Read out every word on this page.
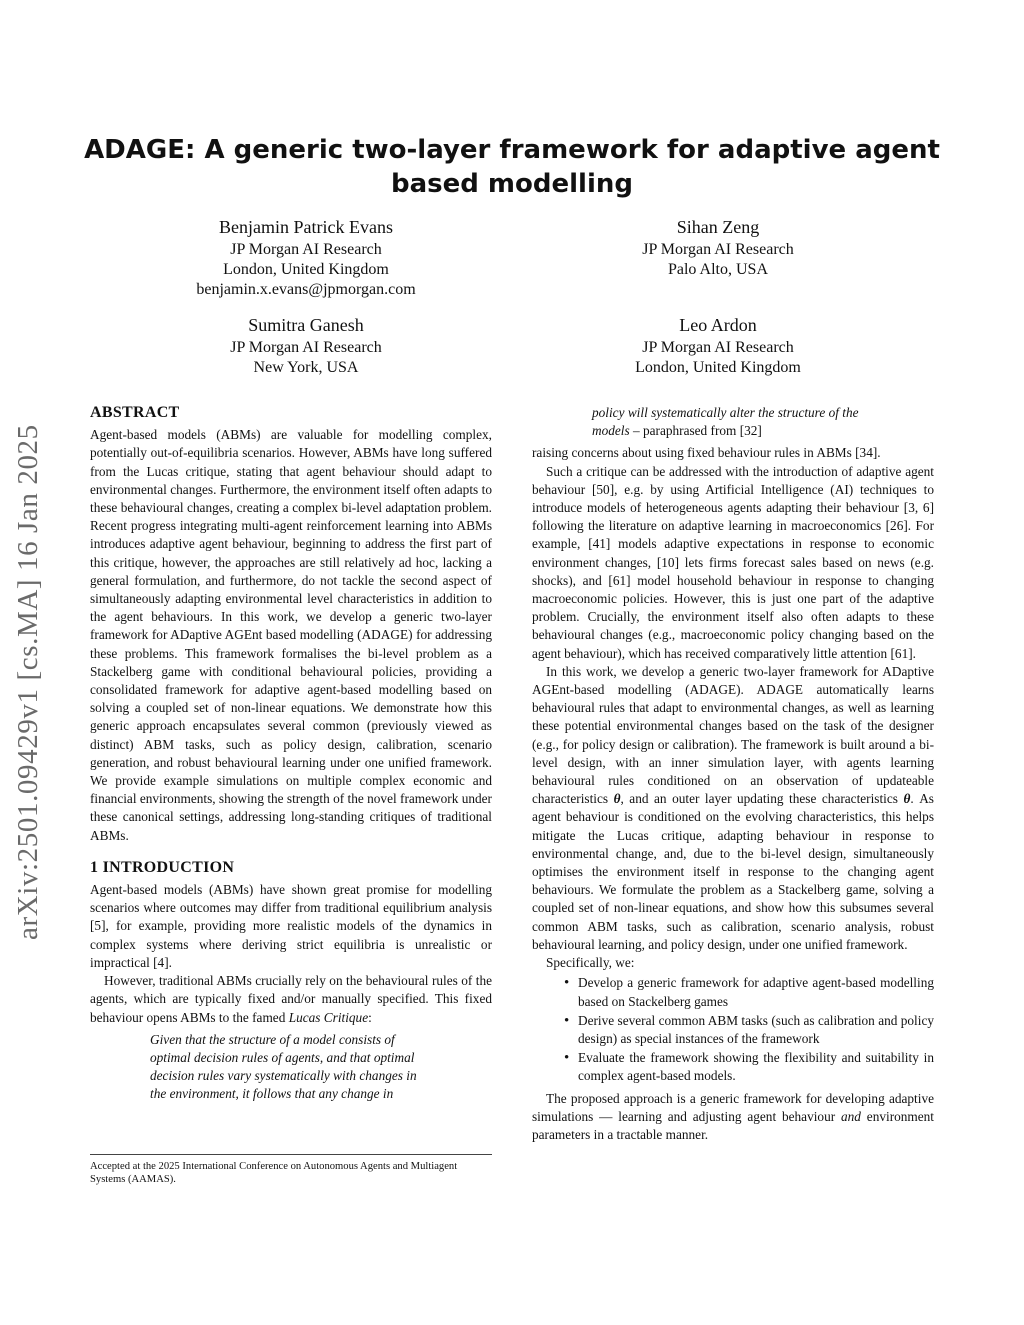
arXiv:2501.09429v1 [cs.MA] 16 Jan 2025
ADAGE: A generic two-layer framework for adaptive agent based modelling
Benjamin Patrick Evans
JP Morgan AI Research
London, United Kingdom
benjamin.x.evans@jpmorgan.com
Sihan Zeng
JP Morgan AI Research
Palo Alto, USA
Sumitra Ganesh
JP Morgan AI Research
New York, USA
Leo Ardon
JP Morgan AI Research
London, United Kingdom
ABSTRACT

Agent-based models (ABMs) are valuable for modelling complex, potentially out-of-equilibria scenarios. However, ABMs have long suffered from the Lucas critique, stating that agent behaviour should adapt to environmental changes. Furthermore, the environment itself often adapts to these behavioural changes, creating a complex bi-level adaptation problem. Recent progress integrating multi-agent reinforcement learning into ABMs introduces adaptive agent behaviour, beginning to address the first part of this critique, however, the approaches are still relatively ad hoc, lacking a general formulation, and furthermore, do not tackle the second aspect of simultaneously adapting environmental level characteristics in addition to the agent behaviours. In this work, we develop a generic two-layer framework for ADaptive AGEnt based modelling (ADAGE) for addressing these problems. This framework formalises the bi-level problem as a Stackelberg game with conditional behavioural policies, providing a consolidated framework for adaptive agent-based modelling based on solving a coupled set of non-linear equations. We demonstrate how this generic approach encapsulates several common (previously viewed as distinct) ABM tasks, such as policy design, calibration, scenario generation, and robust behavioural learning under one unified framework. We provide example simulations on multiple complex economic and financial environments, showing the strength of the novel framework under these canonical settings, addressing long-standing critiques of traditional ABMs.

1 INTRODUCTION

Agent-based models (ABMs) have shown great promise for modelling scenarios where outcomes may differ from traditional equilibrium analysis [5], for example, providing more realistic models of the dynamics in complex systems where deriving strict equilibria is unrealistic or impractical [4].

However, traditional ABMs crucially rely on the behavioural rules of the agents, which are typically fixed and/or manually specified. This fixed behaviour opens ABMs to the famed Lucas Critique:

Given that the structure of a model consists of optimal decision rules of agents, and that optimal decision rules vary systematically with changes in the environment, it follows that any change in
policy will systematically alter the structure of the models – paraphrased from [32]

raising concerns about using fixed behaviour rules in ABMs [34].

Such a critique can be addressed with the introduction of adaptive agent behaviour [50], e.g. by using Artificial Intelligence (AI) techniques to introduce models of heterogeneous agents adapting their behaviour [3, 6] following the literature on adaptive learning in macroeconomics [26]. For example, [41] models adaptive expectations in response to economic environment changes, [10] lets firms forecast sales based on news (e.g. shocks), and [61] model household behaviour in response to changing macroeconomic policies. However, this is just one part of the adaptive problem. Crucially, the environment itself also often adapts to these behavioural changes (e.g., macroeconomic policy changing based on the agent behaviour), which has received comparatively little attention [61].

In this work, we develop a generic two-layer framework for ADaptive AGEnt-based modelling (ADAGE). ADAGE automatically learns behavioural rules that adapt to environmental changes, as well as learning these potential environmental changes based on the task of the designer (e.g., for policy design or calibration). The framework is built around a bi-level design, with an inner simulation layer, with agents learning behavioural rules conditioned on an observation of updateable characteristics θ, and an outer layer updating these characteristics θ. As agent behaviour is conditioned on the evolving characteristics, this helps mitigate the Lucas critique, adapting behaviour in response to environmental change, and, due to the bi-level design, simultaneously optimises the environment itself in response to the changing agent behaviours. We formulate the problem as a Stackelberg game, solving a coupled set of non-linear equations, and show how this subsumes several common ABM tasks, such as calibration, scenario analysis, robust behavioural learning, and policy design, under one unified framework.

Specifically, we:

• Develop a generic framework for adaptive agent-based modelling based on Stackelberg games
• Derive several common ABM tasks (such as calibration and policy design) as special instances of the framework
• Evaluate the framework showing the flexibility and suitability in complex agent-based models.

The proposed approach is a generic framework for developing adaptive simulations — learning and adjusting agent behaviour and environment parameters in a tractable manner.

Accepted at the 2025 International Conference on Autonomous Agents and Multiagent Systems (AAMAS).
